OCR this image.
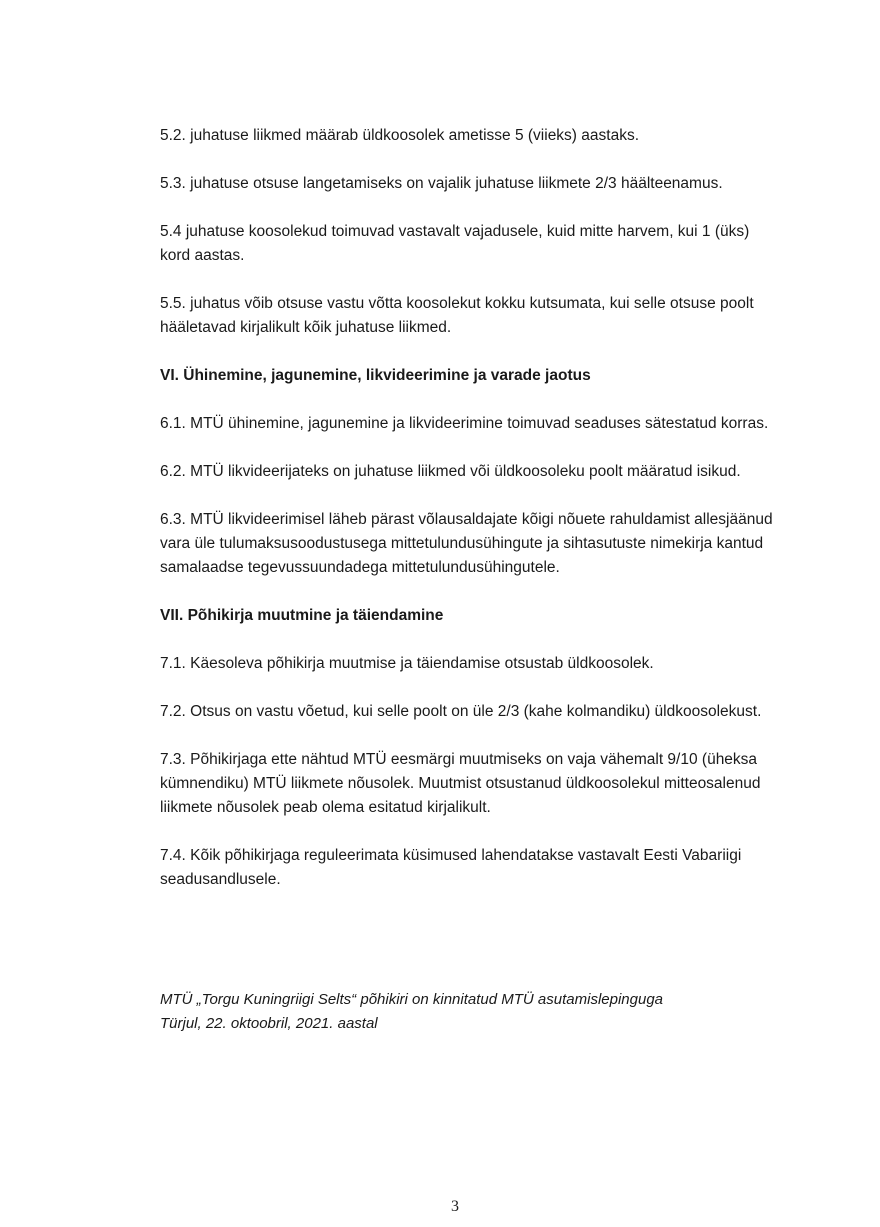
5.2. juhatuse liikmed määrab üldkoosolek ametisse 5 (viieks) aastaks.

5.3. juhatuse otsuse langetamiseks on vajalik juhatuse liikmete 2/3 häälteenamus.

5.4 juhatuse koosolekud toimuvad vastavalt vajadusele, kuid mitte harvem, kui 1 (üks)
kord aastas.

5.5. juhatus võib otsuse vastu võtta koosolekut kokku kutsumata, kui selle otsuse poolt
hääletavad kirjalikult kõik juhatuse liikmed.

VI. Ühinemine, jagunemine, likvideerimine ja varade jaotus

6.1. MTÜ ühinemine, jagunemine ja likvideerimine toimuvad seaduses sätestatud korras.

6.2. MTÜ likvideerijateks on juhatuse liikmed või üldkoosoleku poolt määratud isikud.

6.3. MTÜ likvideerimisel läheb pärast võlausaldajate kõigi nõuete rahuldamist allesjäänud
vara üle tulumaksusoodustusega mittetulundusühingute ja sihtasutuste nimekirja kantud
samalaadse tegevussuundadega mittetulundusühingutele.

VII. Põhikirja muutmine ja täiendamine

7.1. Käesoleva põhikirja muutmise ja täiendamise otsustab üldkoosolek.

7.2. Otsus on vastu võetud, kui selle poolt on üle 2/3 (kahe kolmandiku) üldkoosolekust.

7.3. Põhikirjaga ette nähtud MTÜ eesmärgi muutmiseks on vaja vähemalt 9/10 (üheksa
kümnendiku) MTÜ liikmete nõusolek. Muutmist otsustanud üldkoosolekul mitteosalenud
liikmete nõusolek peab olema esitatud kirjalikult.

7.4. Kõik põhikirjaga reguleerimata küsimused lahendatakse vastavalt Eesti Vabariigi
seadusandlusele.

MTÜ „Torgu Kuningriigi Selts“ põhikiri on kinnitatud MTÜ asutamislepinguga
Türjul, 22. oktoobril, 2021. aastal

3
